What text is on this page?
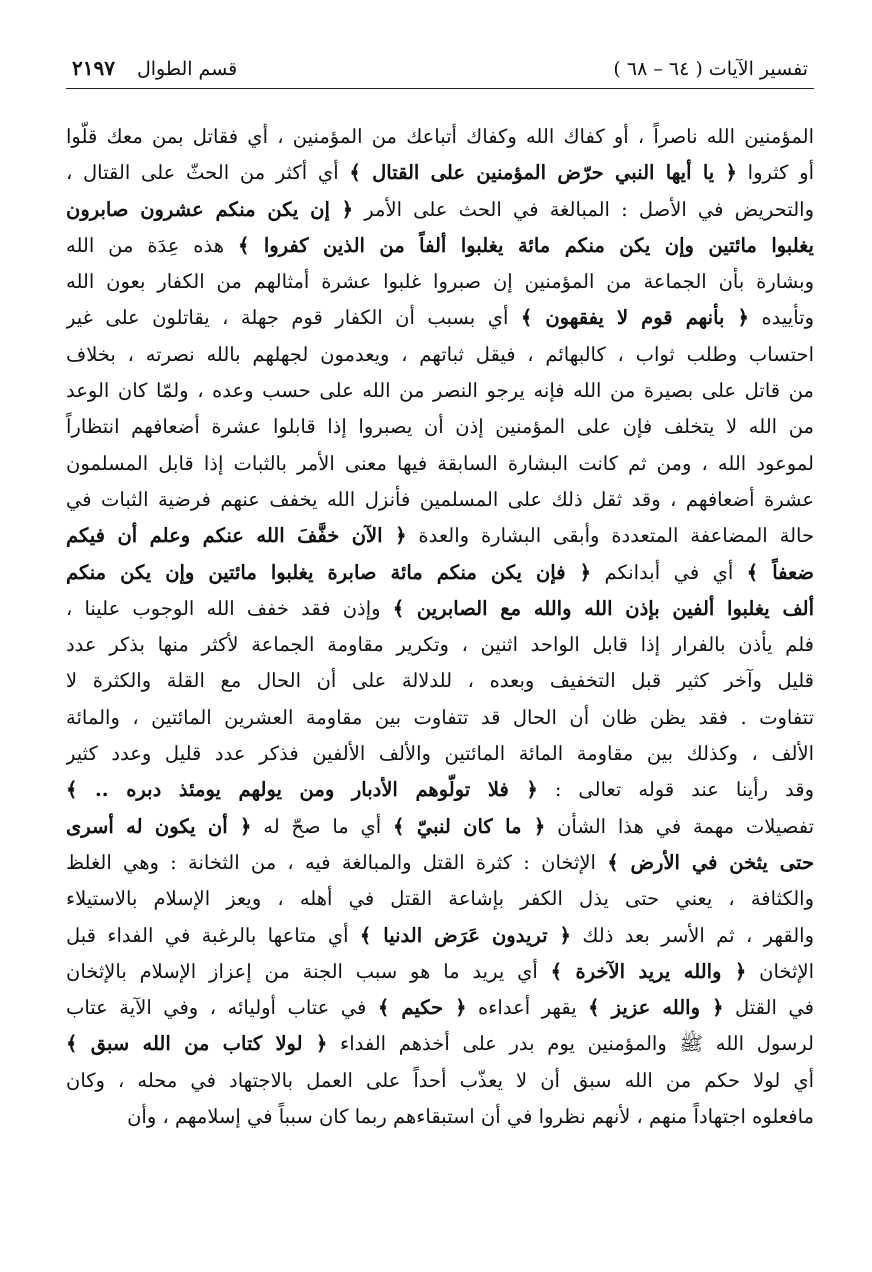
تفسير الآيات ( ٦٤ – ٦٨ )
قسم الطوال
٢١٩٧
المؤمنين الله ناصراً ، أو كفاك الله وكفاك أتباعك من المؤمنين ، أي فقاتل بمن معك قلّوا
أو كثروا ﴿ يا أيها النبي حرّض المؤمنين على القتال ﴾ أي أكثر من الحثّ على القتال ،
والتحريض في الأصل : المبالغة في الحث على الأمر ﴿ إن يكن منكم عشرون صابرون
يغلبوا مائتين وإن يكن منكم مائة يغلبوا ألفاً من الذين كفروا ﴾ هذه عِدَة من الله
وبشارة بأن الجماعة من المؤمنين إن صبروا غلبوا عشرة أمثالهم من الكفار بعون الله
وتأييده ﴿ بأنهم قوم لا يفقهون ﴾ أي بسبب أن الكفار قوم جهلة ، يقاتلون على غير
احتساب وطلب ثواب ، كالبهائم ، فيقل ثباتهم ، ويعدمون لجهلهم بالله نصرته ، بخلاف
من قاتل على بصيرة من الله فإنه يرجو النصر من الله على حسب وعده ، ولمّا كان الوعد
من الله لا يتخلف فإن على المؤمنين إذن أن يصبروا إذا قابلوا عشرة أضعافهم انتظاراً
لموعود الله ، ومن ثم كانت البشارة السابقة فيها معنى الأمر بالثبات إذا قابل المسلمون
عشرة أضعافهم ، وقد ثقل ذلك على المسلمين فأنزل الله يخفف عنهم فرضية الثبات في
حالة المضاعفة المتعددة وأبقى البشارة والعدة ﴿ الآن خفَّفَ الله عنكم وعلم أن فيكم
ضعفاً ﴾ أي في أبدانكم ﴿ فإن يكن منكم مائة صابرة يغلبوا مائتين وإن يكن منكم
ألف يغلبوا ألفين بإذن الله والله مع الصابرين ﴾ وإذن فقد خفف الله الوجوب علينا ،
فلم يأذن بالفرار إذا قابل الواحد اثنين ، وتكرير مقاومة الجماعة لأكثر منها بذكر عدد
قليل وآخر كثير قبل التخفيف وبعده ، للدلالة على أن الحال مع القلة والكثرة لا
تتفاوت . فقد يظن ظان أن الحال قد تتفاوت بين مقاومة العشرين المائتين ، والمائة
الألف ، وكذلك بين مقاومة المائة المائتين والألف الألفين فذكر عدد قليل وعدد كثير
وقد رأينا عند قوله تعالى : ﴿ فلا تولّوهم الأدبار ومن يولهم يومئذ دبره .. ﴾
تفصيلات مهمة في هذا الشأن ﴿ ما كان لنبيّ ﴾ أي ما صحّ له ﴿ أن يكون له أسرى
حتى يثخن في الأرض ﴾ الإثخان : كثرة القتل والمبالغة فيه ، من الثخانة : وهي الغلظ
والكثافة ، يعني حتى يذل الكفر بإشاعة القتل في أهله ، ويعز الإسلام بالاستيلاء
والقهر ، ثم الأسر بعد ذلك ﴿ تريدون عَرَض الدنيا ﴾ أي متاعها بالرغبة في الفداء قبل
الإثخان ﴿ والله يريد الآخرة ﴾ أي يريد ما هو سبب الجنة من إعزاز الإسلام بالإثخان
في القتل ﴿ والله عزيز ﴾ يقهر أعداءه ﴿ حكيم ﴾ في عتاب أوليائه ، وفي الآية عتاب
لرسول الله ﷺ والمؤمنين يوم بدر على أخذهم الفداء ﴿ لولا كتاب من الله سبق ﴾
أي لولا حكم من الله سبق أن لا يعذّب أحداً على العمل بالاجتهاد في محله ، وكان
مافعلوه اجتهاداً منهم ، لأنهم نظروا في أن استبقاءهم ربما كان سبباً في إسلامهم ، وأن
